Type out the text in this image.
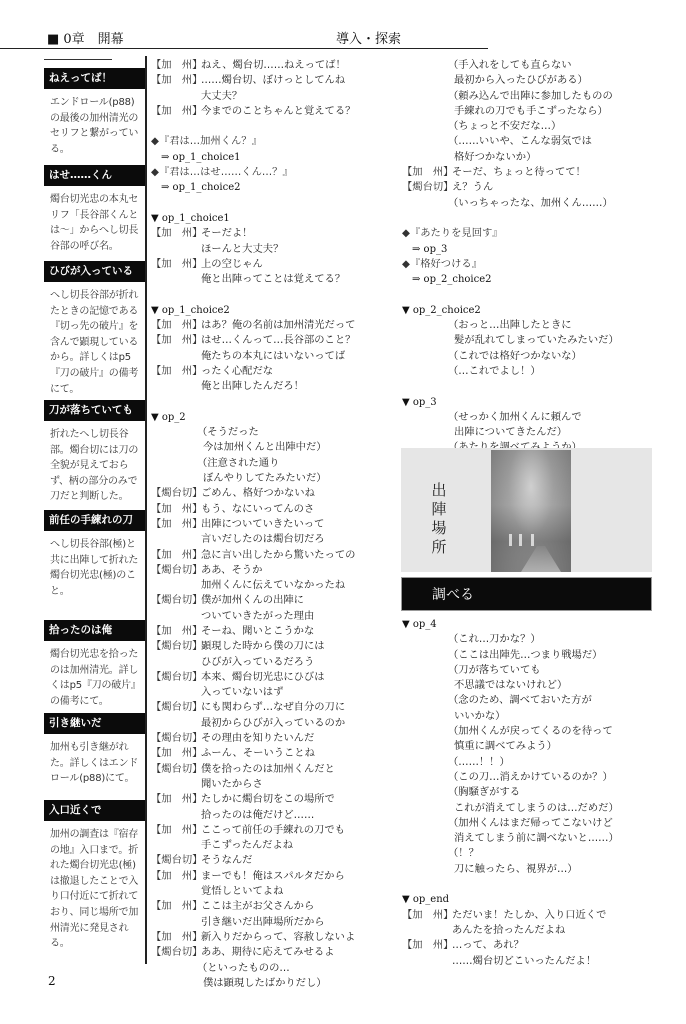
■ 0章　開幕	導入・探索
ねえってば！
エンドロール(p88)の最後の加州清光のセリフと繋がっている。
はせ……くん
燭台切光忠の本丸セリフ「長谷部くんとは～」からへし切長谷部の呼び名。
ひびが入っている
へし切長谷部が折れたときの記憶である『切っ先の破片』を含んで顕現しているから。詳しくはp5『刀の破片』の備考にて。
刀が落ちていても
折れたへし切長谷部。燭台切には刀の全貌が見えておらず、柄の部分のみで刀だと判断した。
前任の手練れの刀
へし切長谷部(極)と共に出陣して折れた燭台切光忠(極)のこと。
拾ったのは俺
燭台切光忠を拾ったのは加州清光。詳しくはp5『刀の破片』の備考にて。
引き継いだ
加州も引き継がれた。詳しくはエンドロール(p88)にて。
入口近くで
加州の調査は『宿存の地』入口まで。折れた燭台切光忠(極)は撤退したことで入り口付近にて折れており、同じ場所で加州清光に発見される。
【加　州】ねえ、燭台切……ねえってば！
【加　州】……燭台切、ぼけっとしてんね
大丈夫？
【加　州】今までのことちゃんと覚えてる？
◆『君は…加州くん？』
⇒ op_1_choice1
◆『君は…はせ……くん…？』
⇒ op_1_choice2
▼ op_1_choice1
【加　州】そーだよ！
ほーんと大丈夫？
【加　州】上の空じゃん
俺と出陣ってことは覚えてる？
▼ op_1_choice2
【加　州】はあ？俺の名前は加州清光だって
【加　州】はせ…くんって…長谷部のこと？
俺たちの本丸にはいないってば
【加　州】ったく心配だな
俺と出陣したんだろ！
▼ op_2
（そうだった
今は加州くんと出陣中だ）
（注意された通り
ぼんやりしてたみたいだ）
【燭台切】ごめん、格好つかないね
【加　州】もう、なにいってんのさ
【加　州】出陣についていきたいって
言いだしたのは燭台切だろ
【加　州】急に言い出したから驚いたっての
【燭台切】ああ、そうか
加州くんに伝えていなかったね
【燭台切】僕が加州くんの出陣に
ついていきたがった理由
【加　州】そーね、聞いとこうかな
【燭台切】顕現した時から僕の刀には
ひびが入っているだろう
【燭台切】本来、燭台切光忠にひびは
入っていないはず
【燭台切】にも関わらず…なぜ自分の刀に
最初からひびが入っているのか
【燭台切】その理由を知りたいんだ
【加　州】ふーん、そーいうことね
【燭台切】僕を拾ったのは加州くんだと
聞いたからさ
【加　州】たしかに燭台切をこの場所で
拾ったのは俺だけど……
【加　州】ここって前任の手練れの刀でも
手こずったんだよね
【燭台切】そうなんだ
【加　州】まーでも！俺はスパルタだから
覚悟しといてよね
【加　州】ここは主がお父さんから
引き継いだ出陣場所だから
【加　州】新入りだからって、容赦しないよ
【燭台切】ああ、期待に応えてみせるよ
（といったものの…
僕は顕現したばかりだし）
（手入れをしても直らない
最初から入ったひびがある）
（頼み込んで出陣に参加したものの
手練れの刀でも手こずったなら）
（ちょっと不安だな…）
（……いいや、こんな弱気では
格好つかないか）
【加　州】そーだ、ちょっと待ってて！
【燭台切】え？うん
（いっちゃったな、加州くん……）
◆『あたりを見回す』
⇒ op_3
◆『格好つける』
⇒ op_2_choice2
▼ op_2_choice2
（おっと…出陣したときに
髪が乱れてしまっていたみたいだ）
（これでは格好つかないな）
（…これでよし！）
▼ op_3
（せっかく加州くんに頼んで
出陣についてきたんだ）
出
陣
場
所
調べる
▼ op_4
（これ…刀かな？）
（ここは出陣先…つまり戦場だ）
（刀が落ちていても
不思議ではないけれど）
（念のため、調べておいた方が
いいかな）
（加州くんが戻ってくるのを待って
慎重に調べてみよう）
（……！！）
（この刀…消えかけているのか？）
（胸騒ぎがする
これが消えてしまうのは…だめだ）
（加州くんはまだ帰ってこないけど
消えてしまう前に調べないと……）
（！？
刀に触ったら、視界が…）
▼ op_end
【加　州】ただいま！たしか、入り口近くで
あんたを拾ったんだよね
【加　州】…って、あれ？
……燭台切どこいったんだよ！
2
